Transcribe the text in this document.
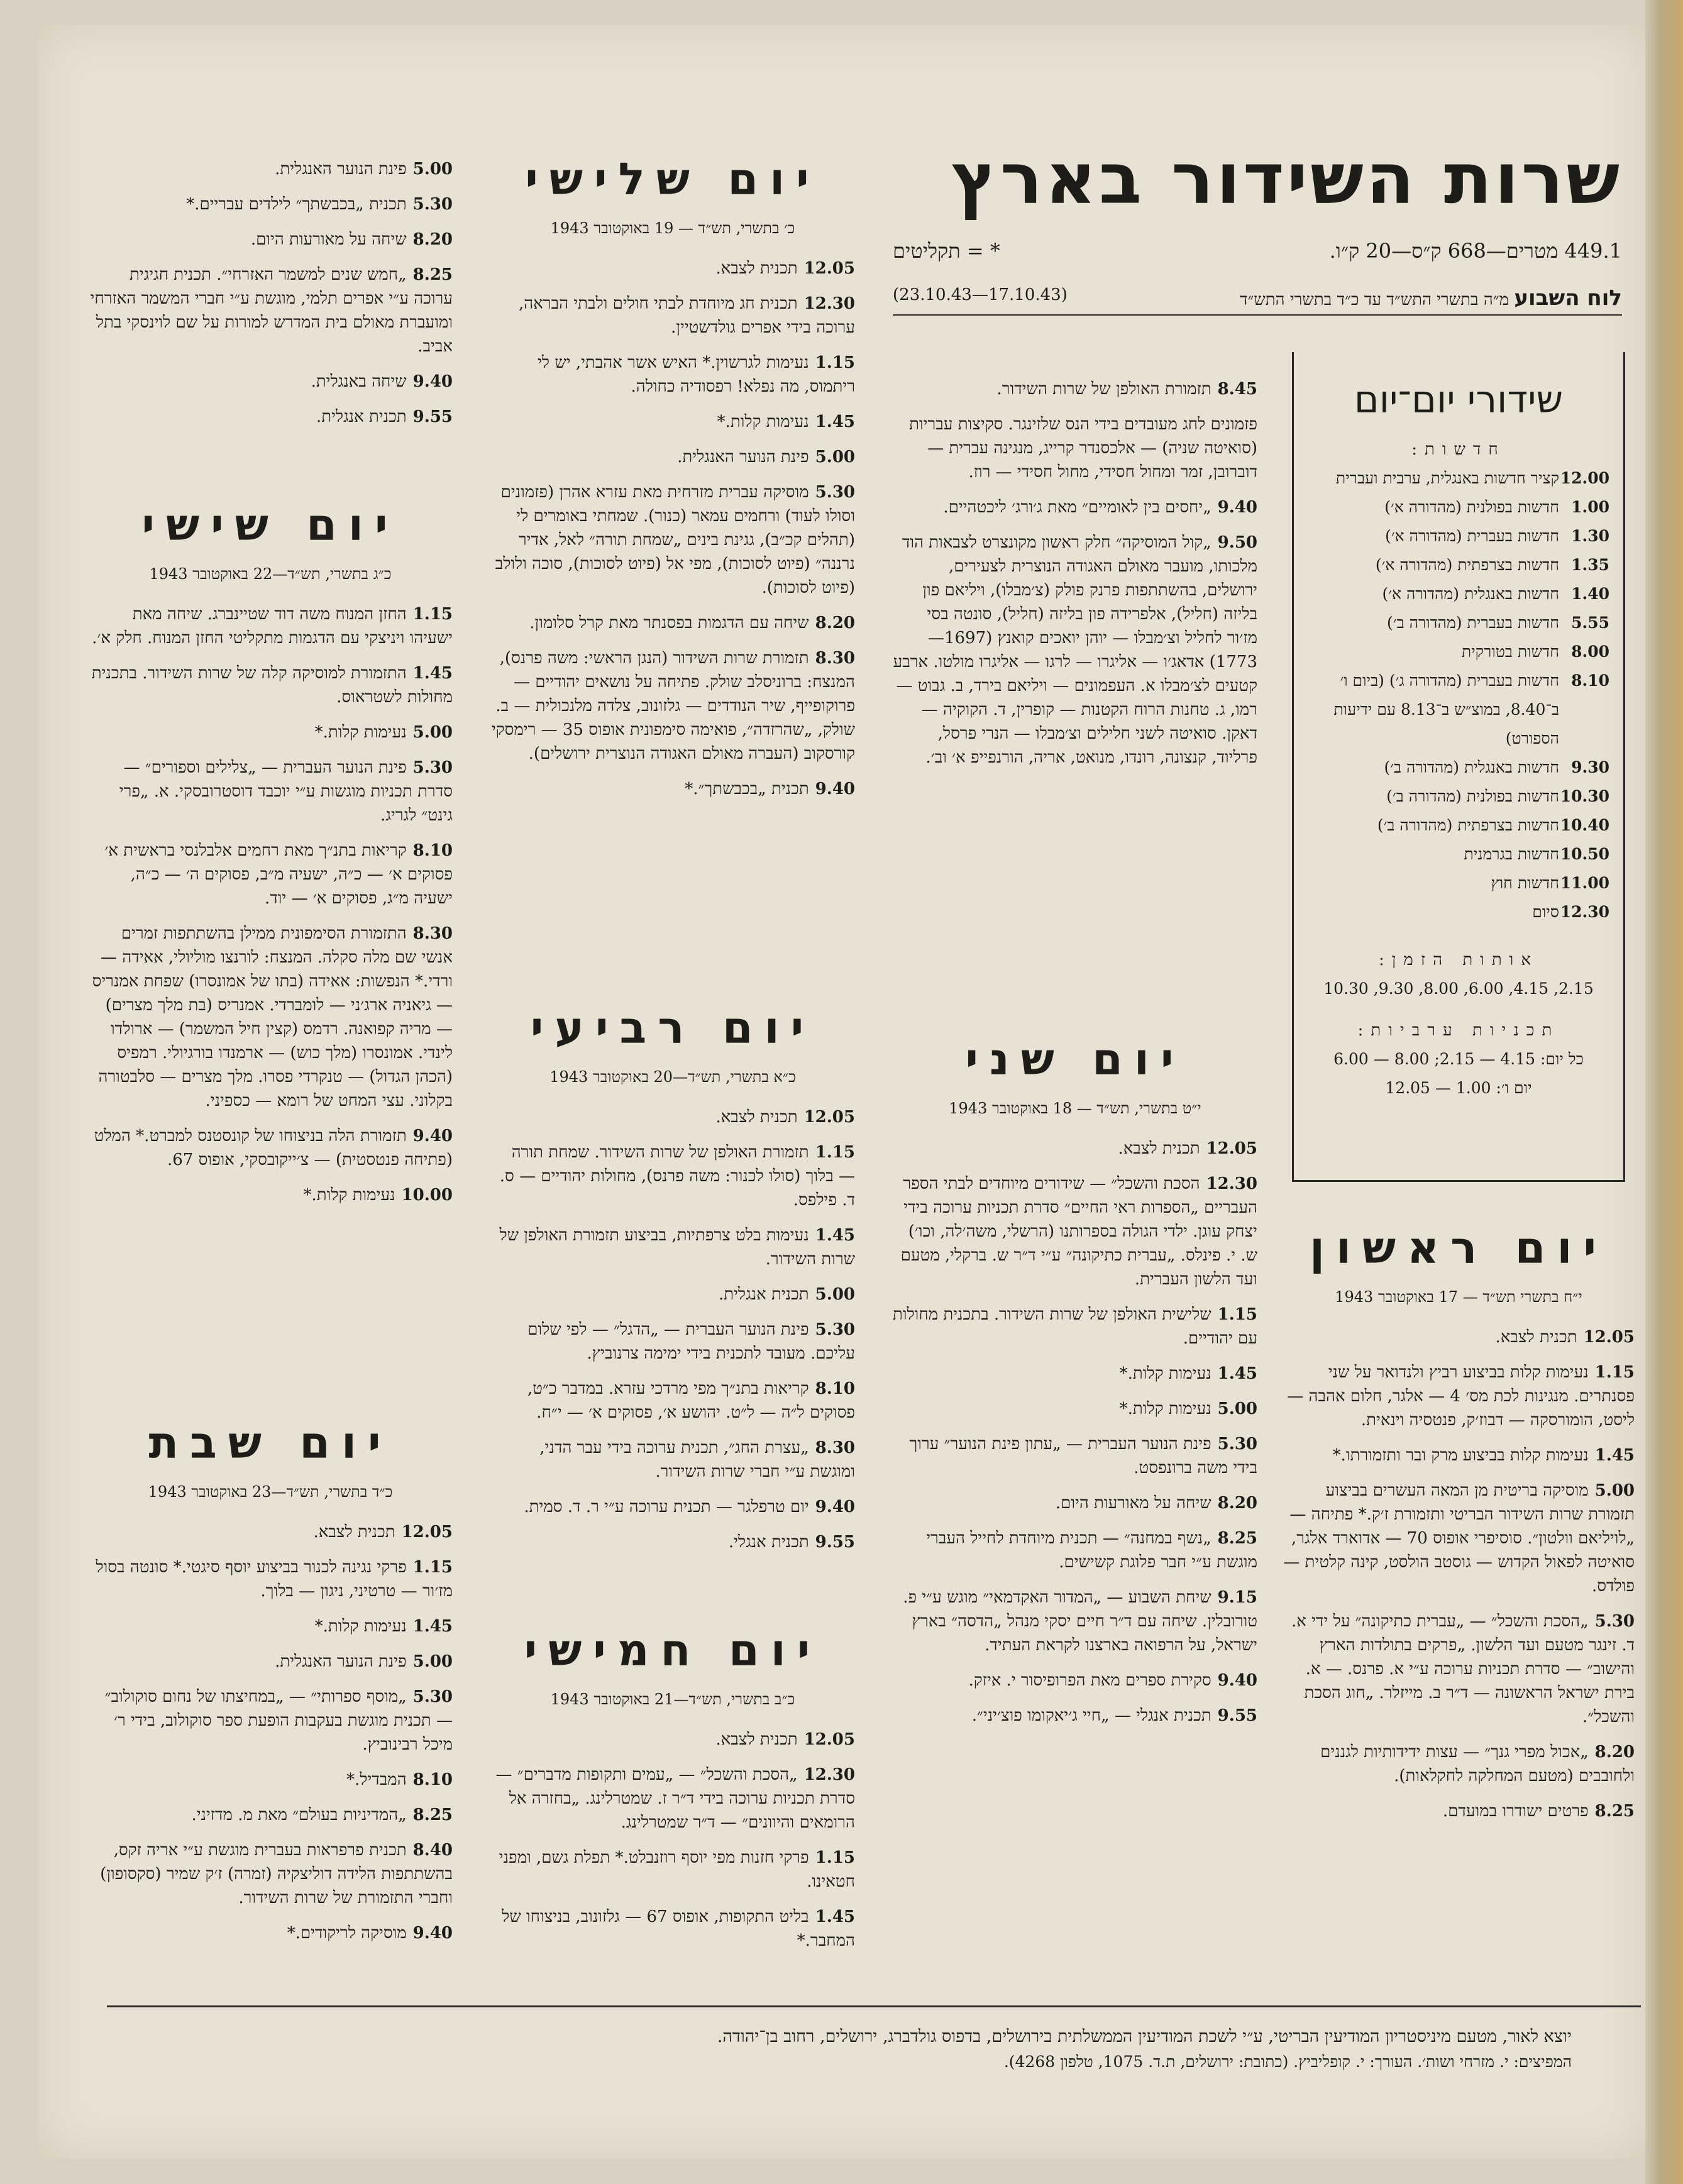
שרות השידור בארץ
449.1 מטרים—668 ק״ס—20 ק״ו.
* = תקליטים
לוח השבוע מ״ה בתשרי התש״ד עד כ״ד בתשרי התש״ד
(17.10.43—23.10.43)
שידורי יום־יום
חדשות:
12.00
קציר חדשות באנגלית, ערבית ועברית
1.00
חדשות בפולנית (מהדורה א׳)
1.30
חדשות בעברית (מהדורה א׳)
1.35
חדשות בצרפתית (מהדורה א׳)
1.40
חדשות באנגלית (מהדורה א׳)
5.55
חדשות בעברית (מהדורה ב׳)
8.00
חדשות בטורקית
8.10
חדשות בעברית (מהדורה ג׳) (ביום ו׳ ב־8.40, במוצ״ש ב־8.13 עם ידיעות הספורט)
9.30
חדשות באנגלית (מהדורה ב׳)
10.30
חדשות בפולנית (מהדורה ב׳)
10.40
חדשות בצרפתית (מהדורה ב׳)
10.50
חדשות בגרמנית
11.00
חדשות חוץ
12.30
סיום
אותות הזמן:
2.15, 4.15, 6.00, 8.00, 9.30, 10.30
תכניות ערביות:
כל יום: 4.15 — 2.15; 8.00 — 6.00
יום ו׳: 1.00 — 12.05
יום ראשון
י״ח בתשרי תש״ד — 17 באוקטובר 1943
12.05תכנית לצבא.
1.15נעימות קלות בביצוע רביץ ולנדואר על שני פסנתרים. מנגינות לכת מס׳ 4 — אלגר, חלום אהבה — ליסט, הומורסקה — דבוז׳ק, פנטסיה וינאית.
1.45נעימות קלות בביצוע מרק ובר ותזמורתו.*
5.00מוסיקה בריטית מן המאה העשרים בביצוע תזמורת שרות השידור הבריטי ותזמורת ז׳ק.* פתיחה — „לויליאם וולטון״. סוסיפרי אופוס 70 — אדוארד אלגר, סואיטה לפאול הקדוש — גוסטב הולסט, קינה קלטית — פולדס.
5.30„הסכת והשכל״ — „עברית כתיקונה״ על ידי א. ד. זינגר מטעם ועד הלשון. „פרקים בתולדות הארץ והישוב״ — סדרת תכניות ערוכה ע״י א. פרנס. — א. בירת ישראל הראשונה — ד״ר ב. מייזלר. „חוג הסכת והשכל״.
8.20„אכול מפרי גנך״ — עצות ידידותיות לגננים ולחובבים (מטעם המחלקה לחקלאות).
8.25פרטים ישודרו במועדם.
8.45תזמורת האולפן של שרות השידור.
פזמונים לחג מעובדים בידי הנס שלזינגר. סקיצות עבריות (סואיטה שניה) — אלכסנדר קרייג, מנגינה עברית — דוברובן, זמר ומחול חסידי, מחול חסידי — רוז.
9.40„יחסים בין לאומיים״ מאת ג׳ורג׳ ליכטהיים.
9.50„קול המוסיקה״ חלק ראשון מקונצרט לצבאות הוד מלכותו, מועבר מאולם האגודה הנוצרית לצעירים, ירושלים, בהשתתפות פרנק פולק (צ׳מבלו), ויליאם פון בליזה (חליל), אלפרידה פון בליזה (חליל), סונטה בסי מז׳ור לחליל וצ׳מבלו — יוהן יואכים קואנץ (1697—1773) אדאג׳ו — אליגרו — לרגו — אליגרו מולטו. ארבע קטעים לצ׳מבלו א. העפמונים — ויליאם בירד, ב. גבוט — רמו, ג. טחנות הרוח הקטנות — קופרין, ד. הקוקיה — דאקן. סואיטה לשני חלילים וצ׳מבלו — הנרי פרסל, פרליוד, קנצונה, רונדו, מנואט, אריה, הורנפייפ א׳ וב׳.
יום שני
י״ט בתשרי, תש״ד — 18 באוקטובר 1943
12.05תכנית לצבא.
12.30הסכת והשכל״ — שידורים מיוחדים לבתי הספר העבריים „הספרות ראי החיים״ סדרת תכניות ערוכה בידי יצחק עוגן. ילדי הגולה בספרותנו (הרשלי, משה׳לה, וכו׳) ש. י. פינלס. „עברית כתיקונה״ ע״י ד״ר ש. ברקלי, מטעם ועד הלשון העברית.
1.15שלישית האולפן של שרות השידור. בתכנית מחולות עם יהודיים.
1.45נעימות קלות.*
5.00נעימות קלות.*
5.30פינת הנוער העברית — „עתון פינת הנוער״ ערוך בידי משה ברונפסט.
8.20שיחה על מאורעות היום.
8.25„נשף במחנה״ — תכנית מיוחדת לחייל העברי מוגשת ע״י חבר פלוגת קשישים.
9.15שיחת השבוע — „המדור האקדמאי״ מוגש ע״י פ. טורובלין. שיחה עם ד״ר חיים יסקי מנהל „הדסה״ בארץ ישראל, על הרפואה בארצנו לקראת העתיד.
9.40סקירת ספרים מאת הפרופיסור י. איזק.
9.55תכנית אנגלי — „חיי ג׳יאקומו פוצ׳יני״.
יום שלישי
כ׳ בתשרי, תש״ד — 19 באוקטובר 1943
12.05תכנית לצבא.
12.30תכנית חג מיוחדת לבתי חולים ולבתי הבראה, ערוכה בידי אפרים גולדשטיין.
1.15נעימות לגרשוין.* האיש אשר אהבתי, יש לי ריתמוס, מה נפלא! רפסודיה כחולה.
1.45נעימות קלות.*
5.00פינת הנוער האנגלית.
5.30מוסיקה עברית מזרחית מאת עזרא אהרן (פזמונים וסולו לעוד) ורחמים עמאר (כנור). שמחתי באומרים לי (תהלים קכ״ב), גגינת בינים „שמחת תורה״ לאל, אדיר נרננה״ (פיוט לסוכות), מפי אל (פיוט לסוכות), סוכה ולולב (פיוט לסוכות).
8.20שיחה עם הדגמות בפסנתר מאת קרל סלומון.
8.30תזמורת שרות השידור (הנגן הראשי: משה פרנס), המנצח: ברוניסלב שולק. פתיחה על נושאים יהודיים — פרוקופייף, שיר הנודדים — גלזונוב, צלדה מלנכולית — ב. שולק, „שהרזדה״, פואימה סימפונית אופוס 35 — רימסקי קורסקוב (העברה מאולם האגודה הנוצרית ירושלים).
9.40תכנית „בכבשתך״.*
יום רביעי
כ״א בתשרי, תש״ד—20 באוקטובר 1943
12.05תכנית לצבא.
1.15תזמורת האולפן של שרות השידור. שמחת תורה — בלוך (סולו לכנור: משה פרנס), מחולות יהודיים — ס. ד. פילפס.
1.45נעימות בלט צרפתיות, בביצוע תזמורת האולפן של שרות השידור.
5.00תכנית אנגלית.
5.30פינת הנוער העברית — „הדגל״ — לפי שלום עליכם. מעובד לתכנית בידי ימימה צרנוביץ.
8.10קריאות בתנ״ך מפי מרדכי עזרא. במדבר כ״ט, פסוקים ל״ה — ל״ט. יהושע א׳, פסוקים א׳ — י״ח.
8.30„עצרת החג״, תכנית ערוכה בידי עבר הדני, ומוגשת ע״י חברי שרות השידור.
9.40יום טרפלגר — תכנית ערוכה ע״י ר. ד. סמית.
9.55תכנית אנגלי.
יום חמישי
כ״ב בתשרי, תש״ד—21 באוקטובר 1943
12.05תכנית לצבא.
12.30„הסכת והשכל״ — „עמים ותקופות מדברים״ — סדרת תכניות ערוכה בידי ד״ר ז. שמטרלינג. „בחזרה אל הרומאים והיוונים״ — ד״ר שמטרלינג.
1.15פרקי חזנות מפי יוסף רוזנבלט.* תפלת גשם, ומפני חטאינו.
1.45בליט התקופות, אופוס 67 — גלזונוב, בניצוחו של המחבר.*
5.00פינת הנוער האנגלית.
5.30תכנית „בכבשתך״ לילדים עבריים.*
8.20שיחה על מאורעות היום.
8.25„חמש שנים למשמר האזרחי״. תכנית חגיגית ערוכה ע״י אפרים תלמי, מוגשת ע״י חברי המשמר האזרחי ומועברת מאולם בית המדרש למורות על שם לוינסקי בתל אביב.
9.40שיחה באנגלית.
9.55תכנית אנגלית.
יום שישי
כ״ג בתשרי, תש״ד—22 באוקטובר 1943
1.15החזן המנוח משה דוד שטיינברג. שיחה מאת ישעיהו ויניצקי עם הדגמות מתקליטי החזן המנוח. חלק א׳.
1.45התזמורת למוסיקה קלה של שרות השידור. בתכנית מחולות לשטראוס.
5.00נעימות קלות.*
5.30פינת הנוער העברית — „צלילים וספורים״ — סדרת תכניות מוגשות ע״י יוכבד דוסטרובסקי. א. „פרי גינט״ לגריג.
8.10קריאות בתנ״ך מאת רחמים אלבלנסי בראשית א׳ פסוקים א׳ — כ״ה, ישעיה מ״ב, פסוקים ה׳ — כ״ה, ישעיה מ״ג, פסוקים א׳ — יוד.
8.30התזמורת הסימפונית ממילן בהשתתפות זמרים אנשי שם מלה סקלה. המנצח: לורנצו מוליולי, אאידה — ורדי.* הנפשות: אאידה (בתו של אמונסרו) שפחת אמנריס — גיאניה ארג׳ני — לומברדי. אמנריס (בת מלך מצרים) — מריה קפואנה. רדמס (קצין חיל המשמר) — ארולדו לינדי. אמונסרו (מלך כוש) — ארמנדו בורגיולי. רמפיס (הכהן הגדול) — טנקרדי פסרו. מלך מצרים — סלבטורה בקלוני. עצי המחט של רומא — כספיני.
9.40תזמורת הלה בניצוחו של קונסטנס למברט.* המלט (פתיחה פנטסטית) — צ׳ייקובסקי, אופוס 67.
10.00נעימות קלות.*
יום שבת
כ״ד בתשרי, תש״ד—23 באוקטובר 1943
12.05תכנית לצבא.
1.15פרקי נגינה לכנור בביצוע יוסף סיגטי.* סונטה בסול מז׳ור — טרטיני, ניגון — בלוך.
1.45נעימות קלות.*
5.00פינת הנוער האנגלית.
5.30„מוסף ספרותי״ — „במחיצתו של נחום סוקולוב״ — תכנית מוגשת בעקבות הופעת ספר סוקולוב, בידי ר׳ מיכל רבינוביץ.
8.10המבדיל.*
8.25„המדיניות בעולם״ מאת מ. מדזיני.
8.40תכנית פרפראות בעברית מוגשת ע״י אריה זקס, בהשתתפות הלידה דוליצקיה (זמרה) ז׳ק שמיר (סקסופון) וחברי התזמורת של שרות השידור.
9.40מוסיקה לריקודים.*
יוצא לאור, מטעם מיניסטריון המודיעין הבריטי, ע״י לשכת המודיעין הממשלתית בירושלים, בדפוס גולדברג, ירושלים, רחוב בן־יהודה.
המפיצים: י. מזרחי ושות׳. העורך: י. קופליביץ. (כתובת: ירושלים, ת.ד. 1075, טלפון 4268).
